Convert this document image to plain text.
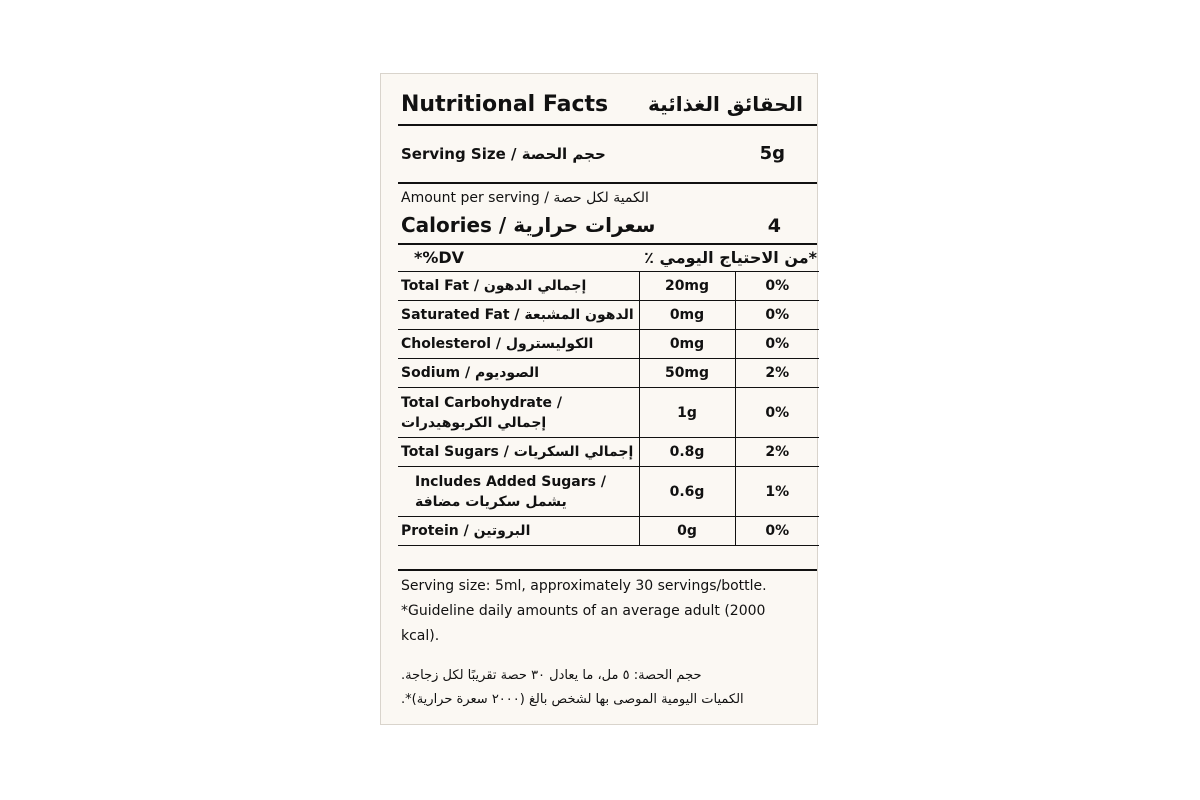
Nutritional Facts الحقائق الغذائية
Serving Size / حجم الحصة	5g
Amount per serving / الكمية لكل حصة
Calories / سعرات حرارية	4
*%DV	*من الاحتياج اليومي ٪
Total Fat / إجمالي الدهون	20mg	0%
Saturated Fat / الدهون المشبعة	0mg	0%
Cholesterol / الكوليسترول	0mg	0%
Sodium / الصوديوم	50mg	2%

Total Carbohydrate /
إجمالي الكربوهيدرات	1g	0%
Total Sugars / إجمالي السكريات	0.8g	2%

Includes Added Sugars /
يشمل سكريات مضافة	0.6g	1%
Protein / البروتين	0g	0%
Serving size: 5ml, approximately 30 servings/bottle.
*Guideline daily amounts of an average adult (2000
kcal).
حجم الحصة: ٥ مل، ما يعادل ٣٠ حصة تقريبًا لكل زجاجة.
الكميات اليومية الموصى بها لشخص بالغ (٢٠٠٠ سعرة حرارية)*.
